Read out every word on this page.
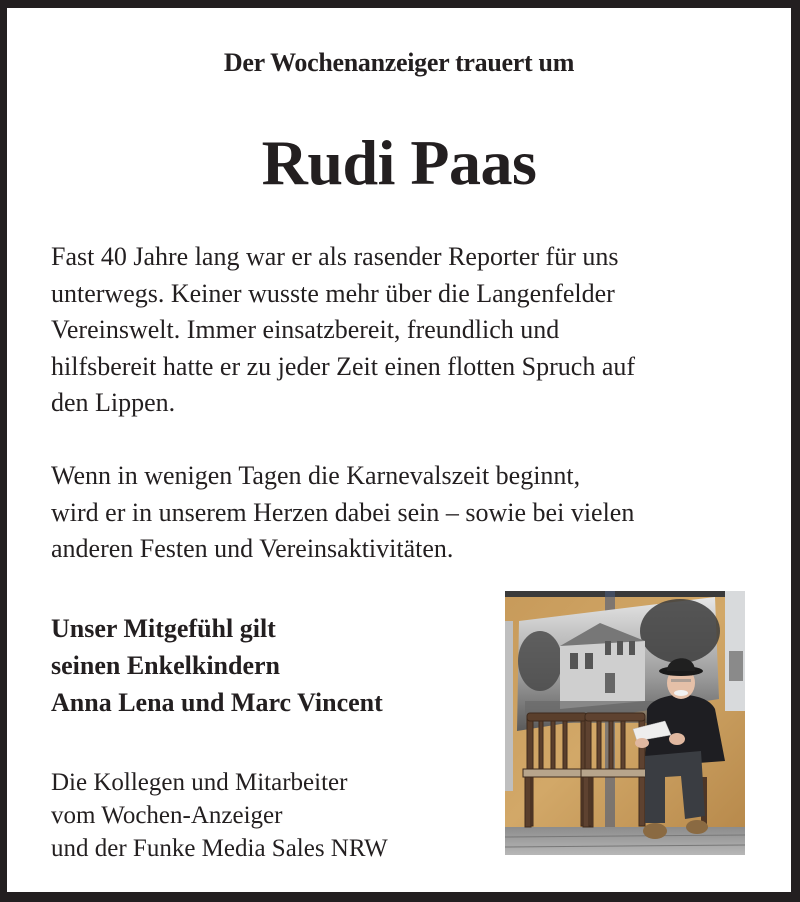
Der Wochenanzeiger trauert um
Rudi Paas
Fast 40 Jahre lang war er als rasender Reporter für uns
unterwegs. Keiner wusste mehr über die Langenfelder
Vereinswelt. Immer einsatzbereit, freundlich und
hilfsbereit hatte er zu jeder Zeit einen flotten Spruch auf
den Lippen.
Wenn in wenigen Tagen die Karnevalszeit beginnt,
wird er in unserem Herzen dabei sein – sowie bei vielen
anderen Festen und Vereinsaktivitäten.
Unser Mitgefühl gilt
seinen Enkelkindern
Anna Lena und Marc Vincent
Die Kollegen und Mitarbeiter
vom Wochen-Anzeiger
und der Funke Media Sales NRW
